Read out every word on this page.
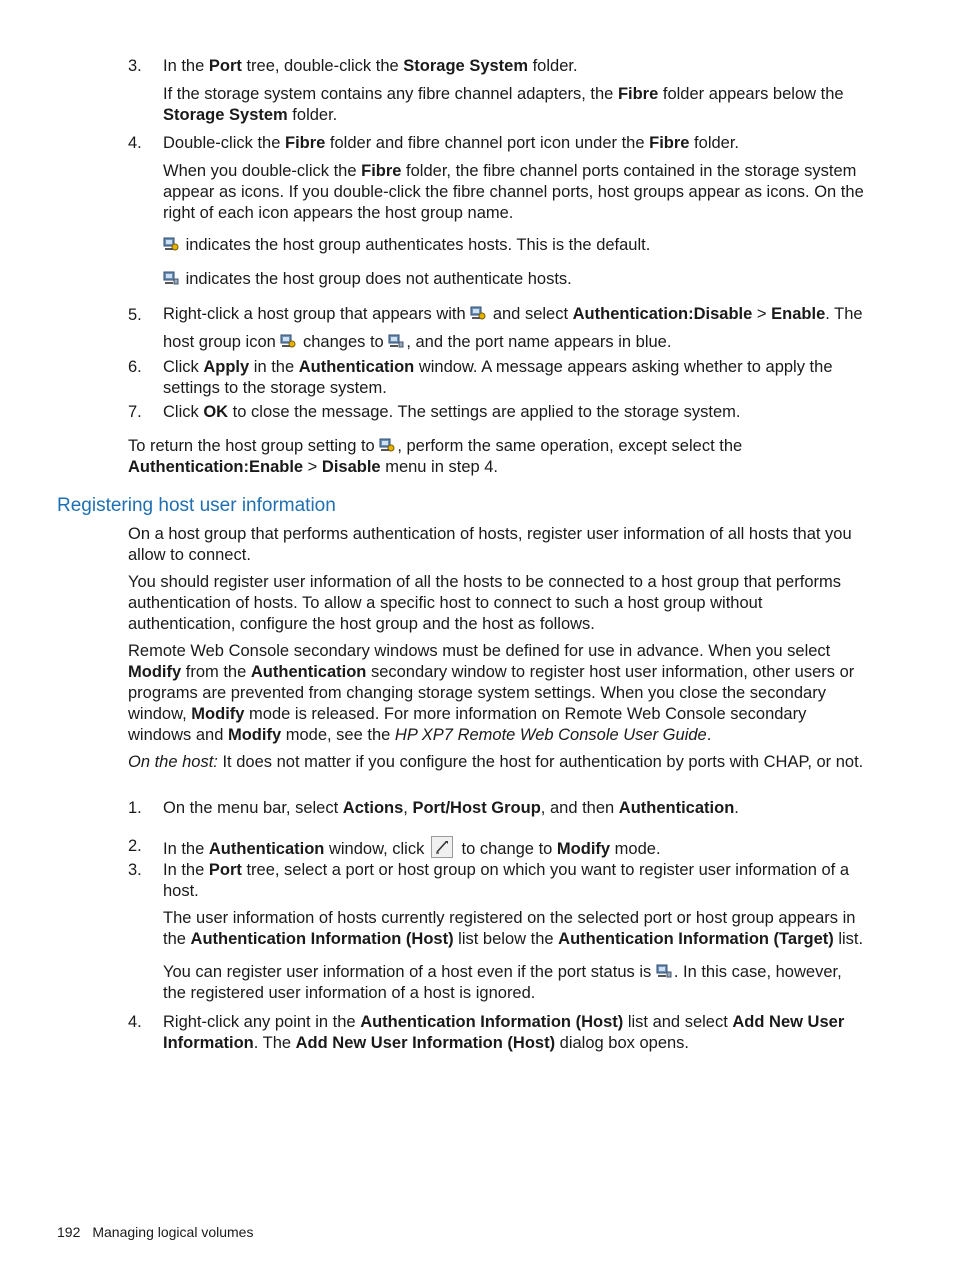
3.	In the Port tree, double-click the Storage System folder.

If the storage system contains any fibre channel adapters, the Fibre folder appears below the Storage System folder.

4.	Double-click the Fibre folder and fibre channel port icon under the Fibre folder.

When you double-click the Fibre folder, the fibre channel ports contained in the storage system appear as icons. If you double-click the fibre channel ports, host groups appear as icons. On the right of each icon appears the host group name.

indicates the host group authenticates hosts. This is the default.

indicates the host group does not authenticate hosts.

5.	Right-click a host group that appears with
and select Authentication:Disable > Enable. The host group icon
changes to
, and the port name appears in blue.

6.	Click Apply in the Authentication window. A message appears asking whether to apply the settings to the storage system.

7.	Click OK to close the message. The settings are applied to the storage system.

To return the host group setting to
, perform the same operation, except select the
Authentication:Enable > Disable menu in step 4.

Registering host user information

On a host group that performs authentication of hosts, register user information of all hosts that you allow to connect.

You should register user information of all the hosts to be connected to a host group that performs authentication of hosts. To allow a specific host to connect to such a host group without authentication, configure the host group and the host as follows.

Remote Web Console secondary windows must be defined for use in advance. When you select Modify from the Authentication secondary window to register host user information, other users or programs are prevented from changing storage system settings. When you close the secondary window, Modify mode is released. For more information on Remote Web Console secondary windows and Modify mode, see the HP XP7 Remote Web Console User Guide.

On the host: It does not matter if you configure the host for authentication by ports with CHAP, or not.

1.	On the menu bar, select Actions, Port/Host Group, and then Authentication.

2.	In the Authentication window, click
to change to Modify mode.

3.	In the Port tree, select a port or host group on which you want to register user information of a host.

The user information of hosts currently registered on the selected port or host group appears in the Authentication Information (Host) list below the Authentication Information (Target) list.

You can register user information of a host even if the port status is
. In this case, however, the registered user information of a host is ignored.

4.	Right-click any point in the Authentication Information (Host) list and select Add New User Information. The Add New User Information (Host) dialog box opens.

192 Managing logical volumes
